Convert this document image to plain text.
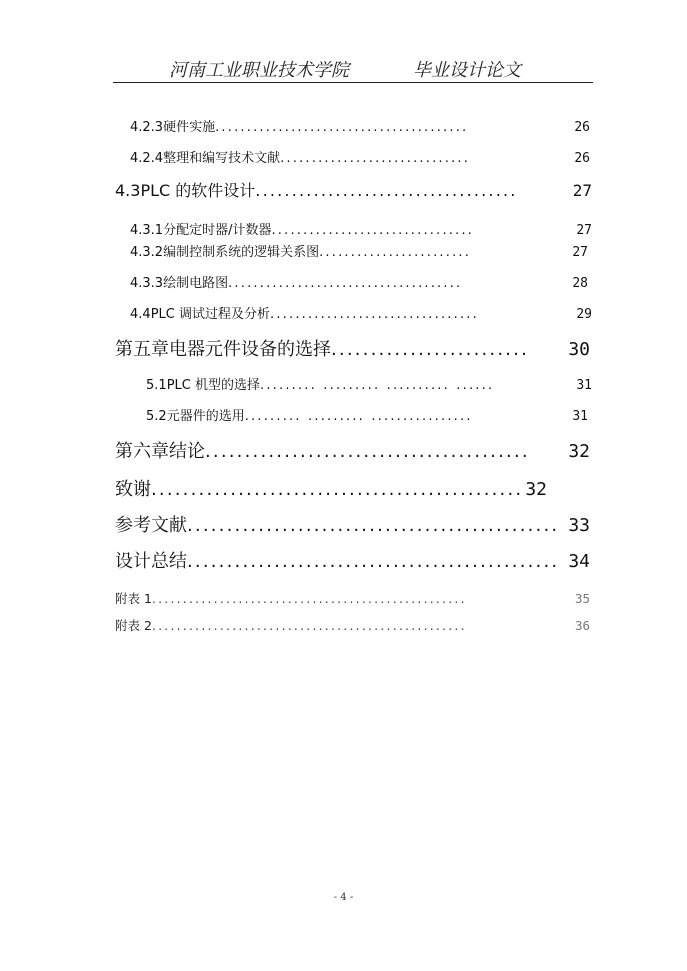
河南工业职业技术学院	毕业设计论文
4.2.3 硬件实施 ........................................	26
4.2.4 整理和编写技术文献 ..............................	26
4.3 PLC 的软件设计 ....................................	27
4.3.1 分配定时器/计数器 ................................	27
4.3.2 编制控制系统的逻辑关系图 ........................	27
4.3.3 绘制电路图 .....................................	28
4.4 PLC 调试过程及分析 .................................	29
第五章 电器元件设备的选择 .........................	30
5.1 PLC 机型的选择 ......... ......... .......... ......	31
5.2 元器件的选用 ......... ......... ................	31
第六章 结论 .........................................	32
致谢 ............................................... 32
参考文献 ............................................... 33
设计总结 ............................................... 34
附表 1 ...................................................	35
附表 2 ...................................................	36
- 4 -
